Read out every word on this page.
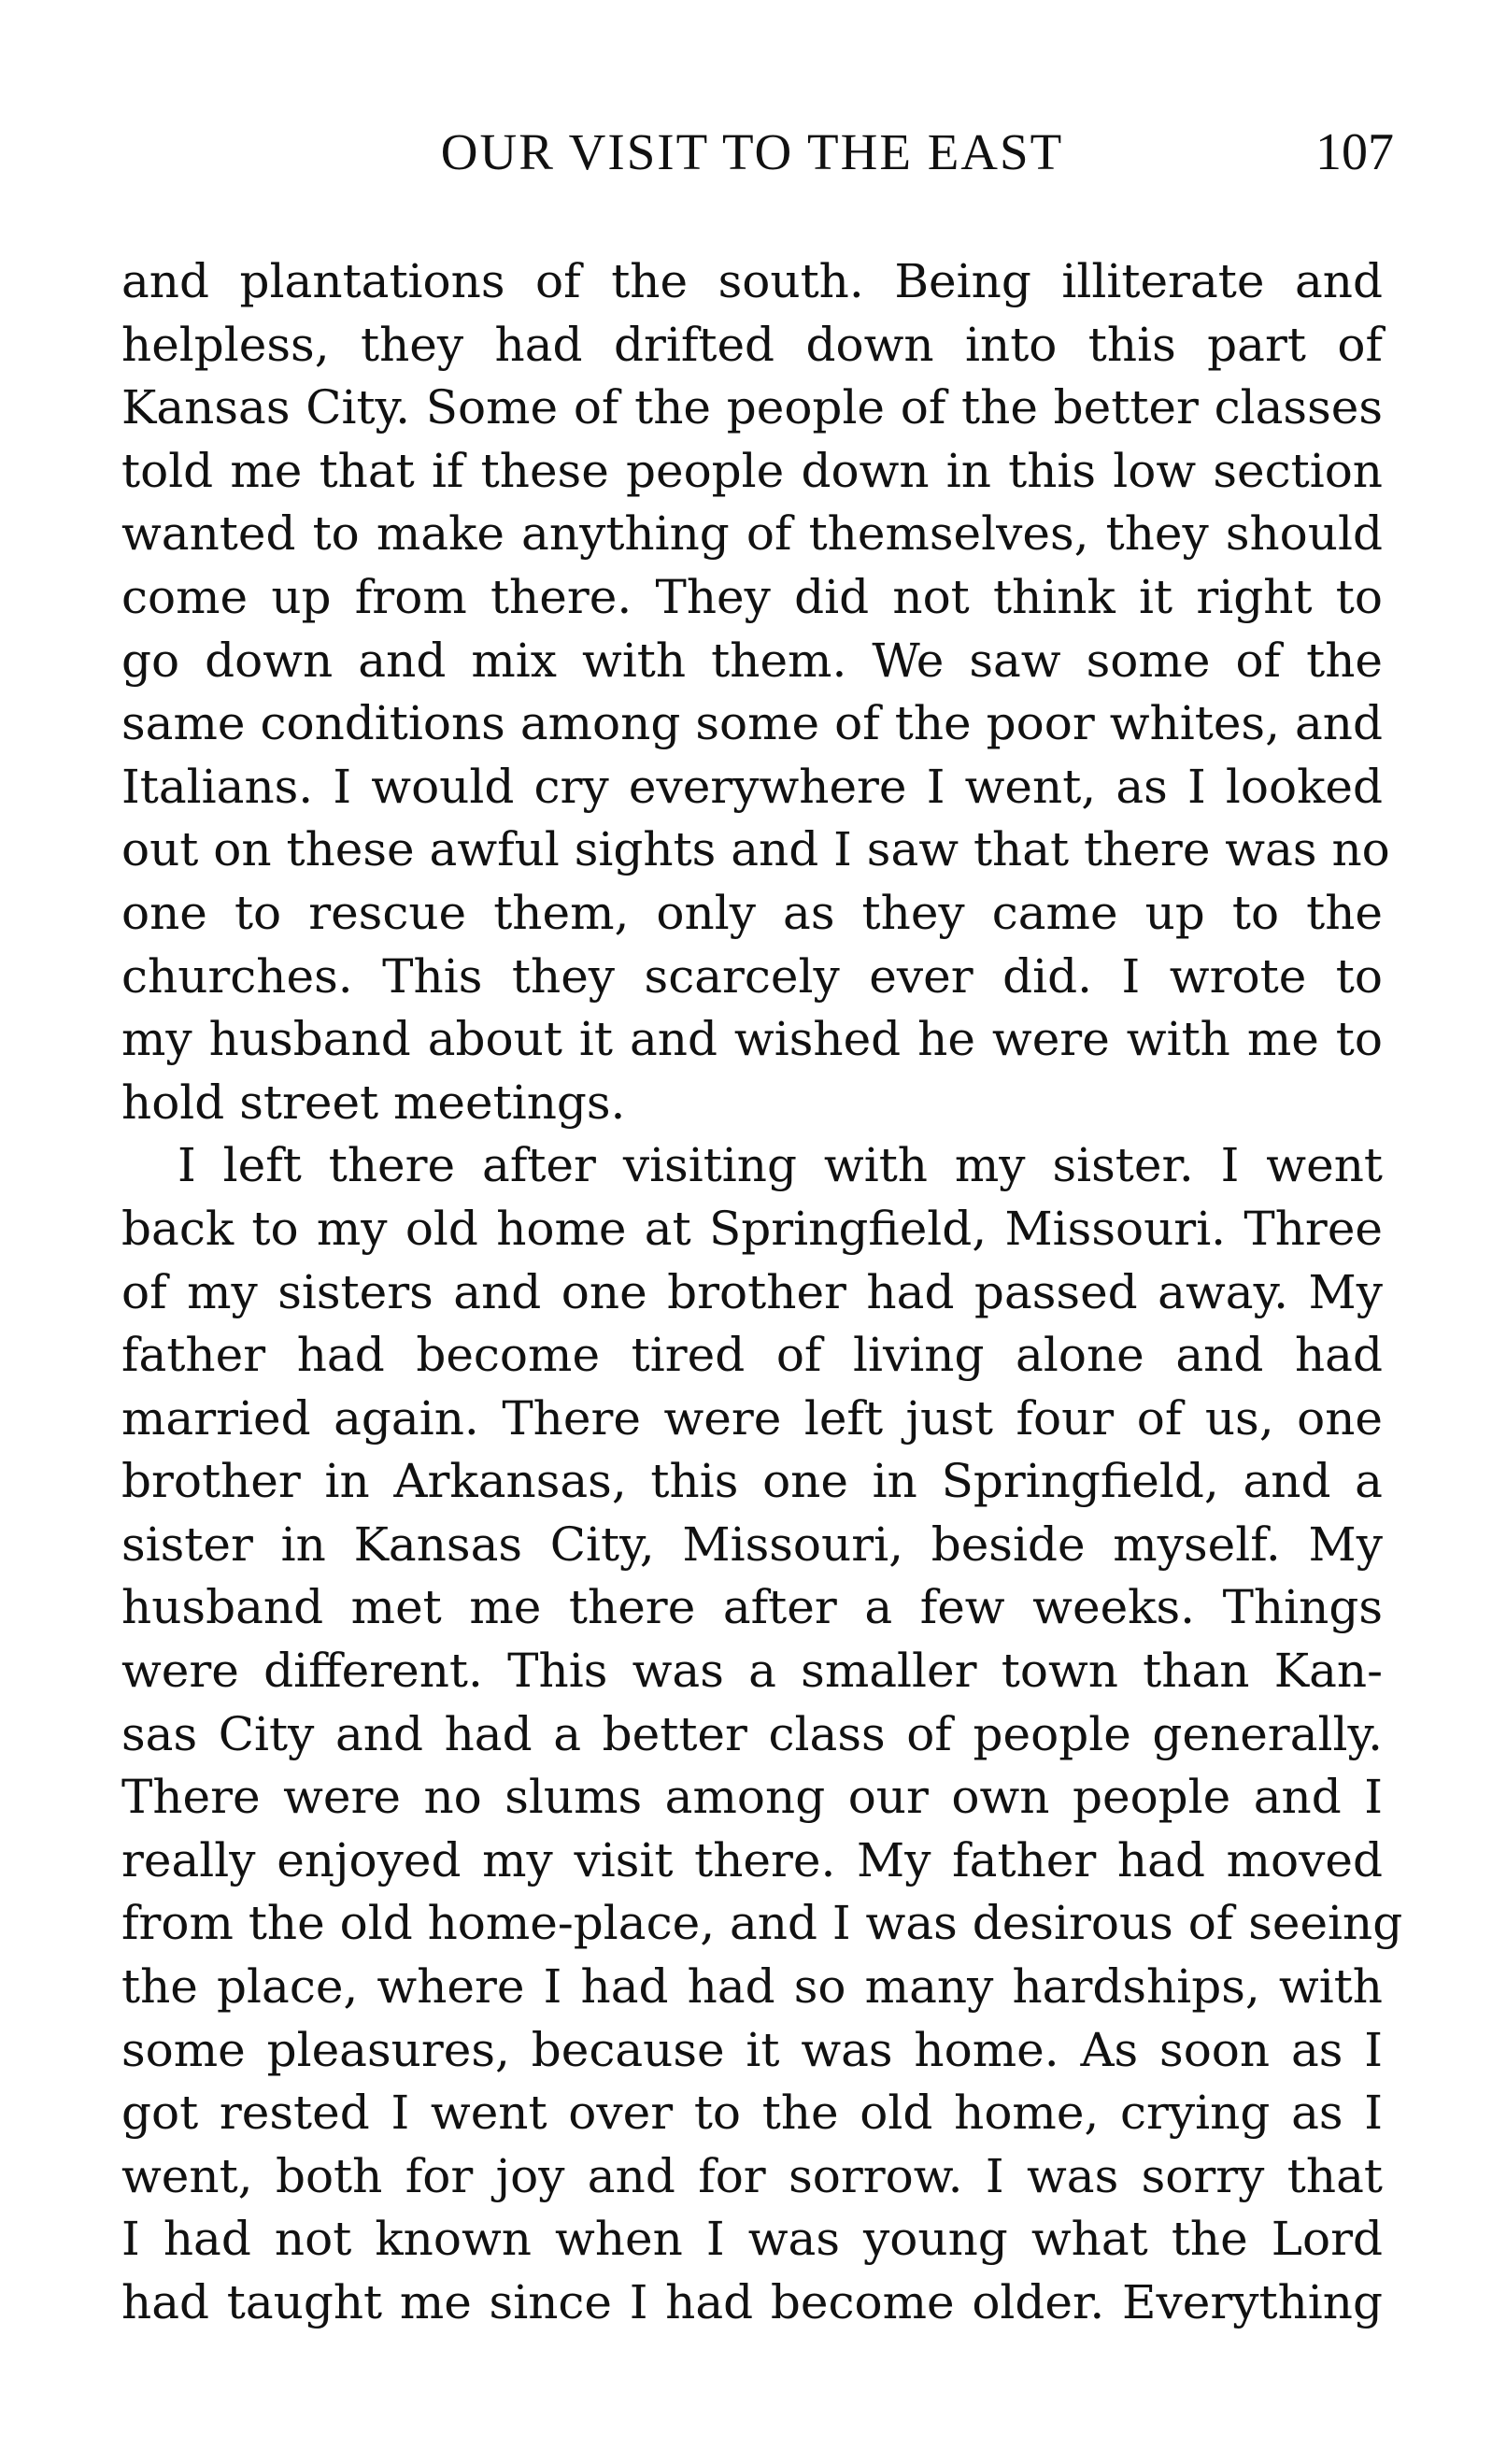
OUR VISIT TO THE EAST	107
and plantations of the south. Being illiterate and
helpless, they had drifted down into this part of
Kansas City. Some of the people of the better classes
told me that if these people down in this low section
wanted to make anything of themselves, they should
come up from there. They did not think it right to
go down and mix with them. We saw some of the
same conditions among some of the poor whites, and
Italians. I would cry everywhere I went, as I looked
out on these awful sights and I saw that there was no
one to rescue them, only as they came up to the
churches. This they scarcely ever did. I wrote to
my husband about it and wished he were with me to
hold street meetings.
I left there after visiting with my sister. I went
back to my old home at Springfield, Missouri. Three
of my sisters and one brother had passed away. My
father had become tired of living alone and had
married again. There were left just four of us, one
brother in Arkansas, this one in Springfield, and a
sister in Kansas City, Missouri, beside myself. My
husband met me there after a few weeks. Things
were different. This was a smaller town than Kan-
sas City and had a better class of people generally.
There were no slums among our own people and I
really enjoyed my visit there. My father had moved
from the old home-place, and I was desirous of seeing
the place, where I had had so many hardships, with
some pleasures, because it was home. As soon as I
got rested I went over to the old home, crying as I
went, both for joy and for sorrow. I was sorry that
I had not known when I was young what the Lord
had taught me since I had become older. Everything
